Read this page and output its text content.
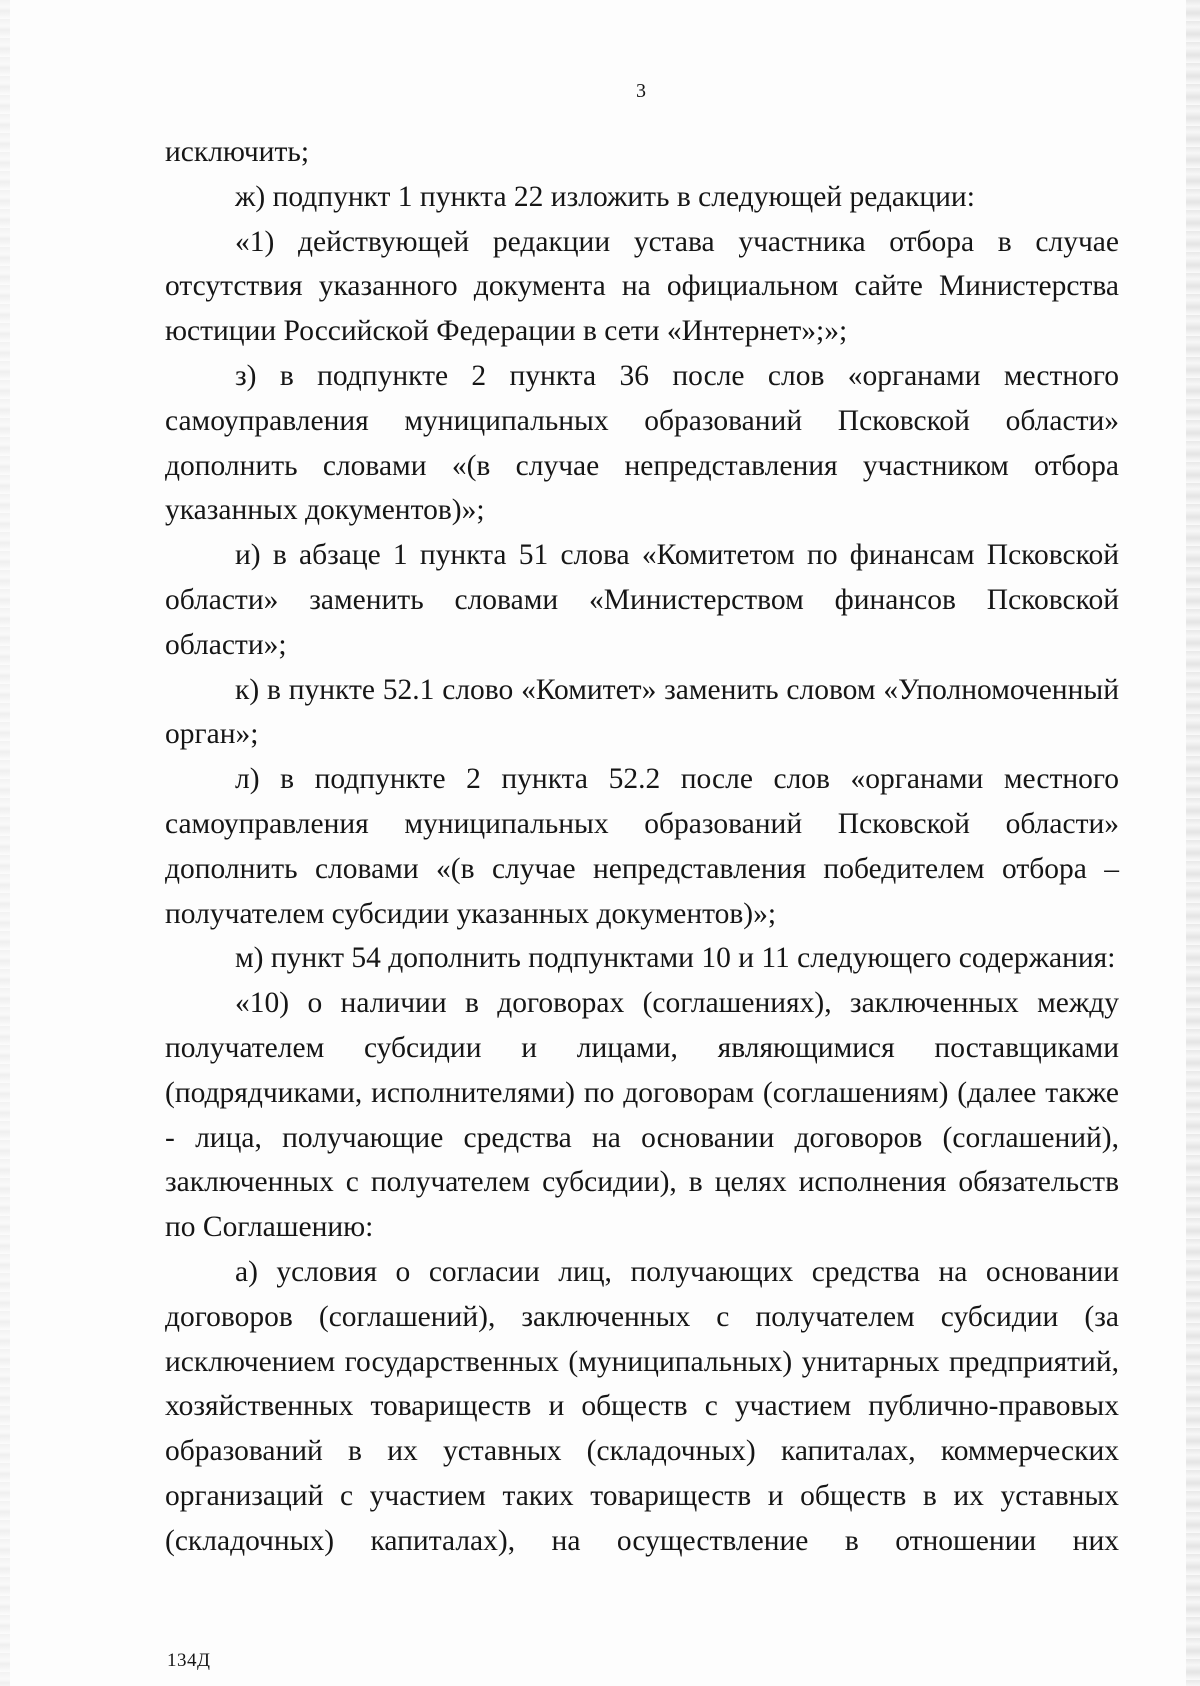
3

исключить;

ж) подпункт 1 пункта 22 изложить в следующей редакции:

«1) действующей редакции устава участника отбора в случае отсутствия указанного документа на официальном сайте Министерства юстиции Российской Федерации в сети «Интернет»;»;

з) в подпункте 2 пункта 36 после слов «органами местного самоуправления муниципальных образований Псковской области» дополнить словами «(в случае непредставления участником отбора указанных документов)»;

и) в абзаце 1 пункта 51 слова «Комитетом по финансам Псковской области» заменить словами «Министерством финансов Псковской области»;

к) в пункте 52.1 слово «Комитет» заменить словом «Уполномоченный орган»;

л) в подпункте 2 пункта 52.2 после слов «органами местного самоуправления муниципальных образований Псковской области» дополнить словами «(в случае непредставления победителем отбора – получателем субсидии указанных документов)»;

м) пункт 54 дополнить подпунктами 10 и 11 следующего содержания:

«10) о наличии в договорах (соглашениях), заключенных между получателем субсидии и лицами, являющимися поставщиками (подрядчиками, исполнителями) по договорам (соглашениям) (далее также - лица, получающие средства на основании договоров (соглашений), заключенных с получателем субсидии), в целях исполнения обязательств по Соглашению:

а) условия о согласии лиц, получающих средства на основании договоров (соглашений), заключенных с получателем субсидии (за исключением государственных (муниципальных) унитарных предприятий, хозяйственных товариществ и обществ с участием публично-правовых образований в их уставных (складочных) капиталах, коммерческих организаций с участием таких товариществ и обществ в их уставных (складочных) капиталах), на осуществление в отношении них

134Д
